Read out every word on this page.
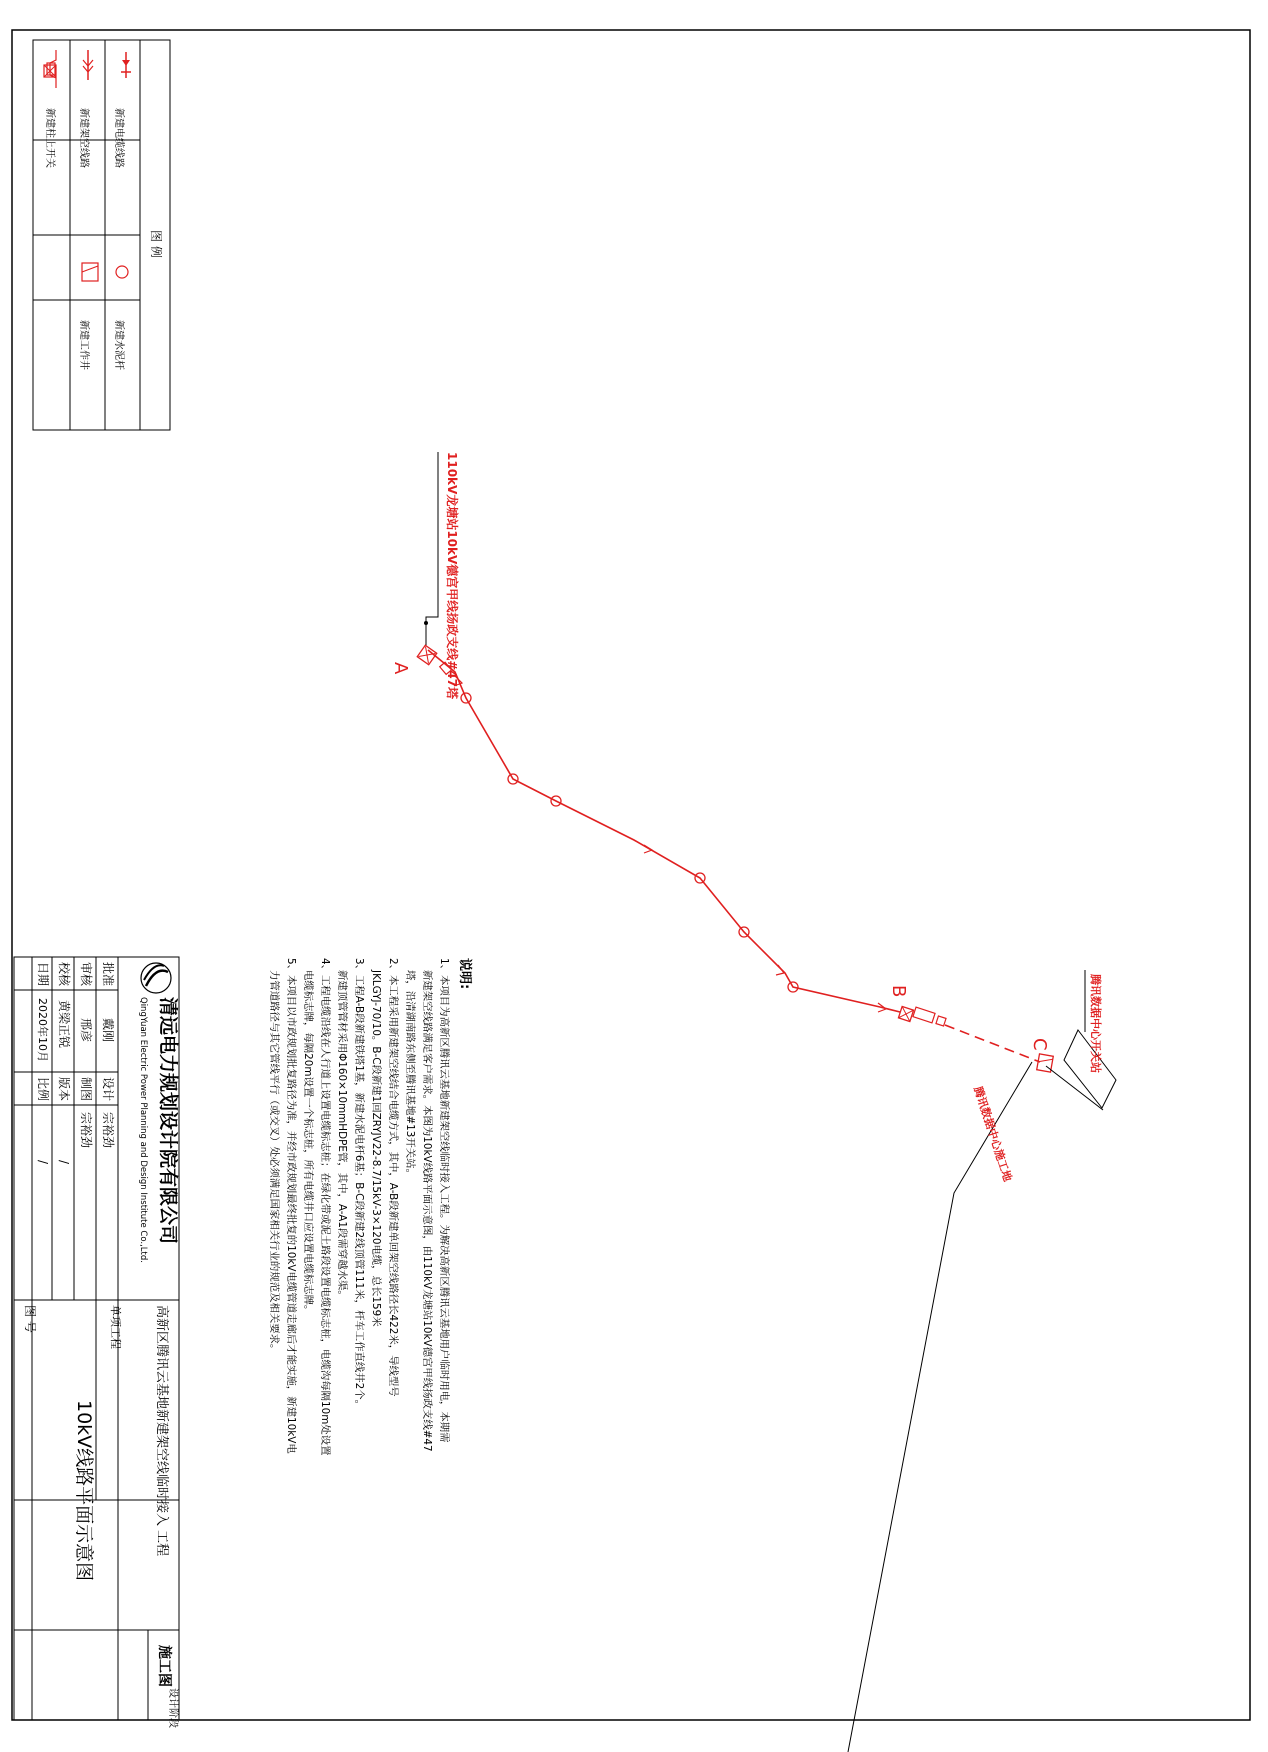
图 例
新建电缆线路
新建架空线路
新建柱上开关
新建水泥杆
新建工作井
110kV龙塘站10kV德宫甲线扬政支线#47塔
A
B
C	腾讯数据中心开关站
腾讯数据中心施工地
说明:
1、本项目为高新区腾讯云基地新建架空线临时接入工程。为解决高新区腾讯云基地用户临时用电，本期需
新建架空线路满足客户需求。本图为10kV线路平面示意图，由110kV龙塘站10kV德宫甲线扬政支线#47
塔，沿清湖南路东侧至腾讯基地#13开关站。
2、本工程采用新建架空线结合电缆方式，其中，A-B段新建单回架空线路径长422米，导线型号
JKLGYJ-70/10。B-C段新建1回ZRYJV22-8.7/15kV-3×120电缆，总长159米
3、工程A-B段新建铁塔1基，新建水泥电杆6基；B-C段新建2线顶管111米，杆车工作直线井2个。
新建顶管管材采用Φ160×10mmHDPE管，其中，A-A1段需穿越水渠。
4、工程电缆沿线在人行道上设置电缆标志桩；在绿化带或泥土路段设置电缆标志桩，电缆沟每隔10m处设置
电缆标志牌，每隔20m设置一个标志桩，所有电缆井口应设置电缆标志牌。
5、本项目以市政规划批复路径为准，并经市政规划最终批复的10kV电缆管道走廊后才能实施，新建10kV电
力管道路径与其它管线平行（或交叉）处必须满足国家相关行业的规范及相关要求。
清远电力规划设计院有限公司
QingYuan Electric Power Planning and Design Institute Co.,Ltd.
批准
戴刚
设计
宗裕劲
审核
邢彦
制图
宗裕劲
校核
黄梁正锐
版本
/
日期
2020年10月
比例
/
高新区腾讯云基地新建架空线临时接入 工程
单项工程
10kV线路平面示意图
图 号
施工图
设计阶段
